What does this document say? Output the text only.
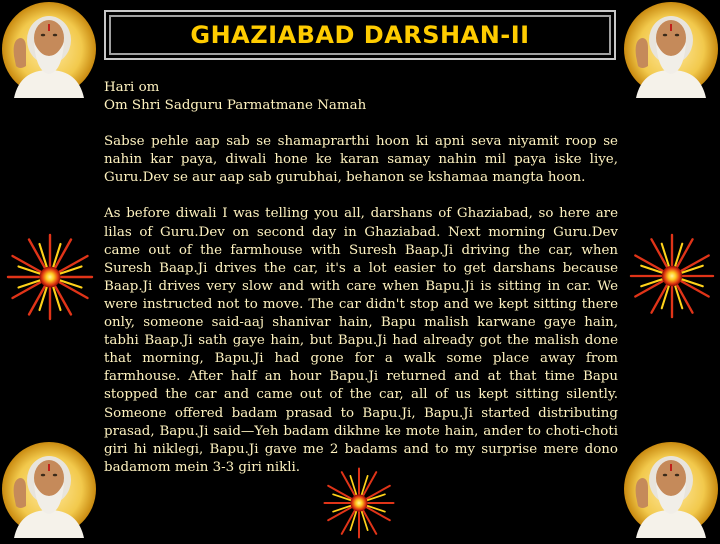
GHAZIABAD DARSHAN-II

Hari om

Om Shri Sadguru Parmatmane Namah

Sabse pehle aap sab se shamaprarthi hoon ki apni seva niyamit roop se nahin kar paya, diwali hone ke karan samay nahin mil paya iske liye, Guru.Dev se aur aap sab gurubhai, behanon se kshamaa mangta hoon.

As before diwali I was telling you all, darshans of Ghaziabad, so here are lilas of Guru.Dev on second day in Ghaziabad. Next morning Guru.Dev came out of the farmhouse with Suresh Baap.Ji driving the car, when Suresh Baap.Ji drives the car, it's a lot easier to get darshans because Baap.Ji drives very slow and with care when Bapu.Ji is sitting in car. We were instructed not to move. The car didn't stop and we kept sitting there only, someone said-aaj shanivar hain, Bapu malish karwane gaye hain, tabhi Baap.Ji sath gaye hain, but Bapu.Ji had already got the malish done that morning, Bapu.Ji had gone for a walk some place away from farmhouse. After half an hour Bapu.Ji returned and at that time Bapu stopped the car and came out of the car, all of us kept sitting silently. Someone offered badam prasad to Bapu.Ji, Bapu.Ji started distributing prasad, Bapu.Ji said—Yeh badam dikhne ke mote hain, ander to choti-choti giri hi niklegi, Bapu.Ji gave me 2 badams and to my surprise mere dono badamom mein 3-3 giri nikli.
